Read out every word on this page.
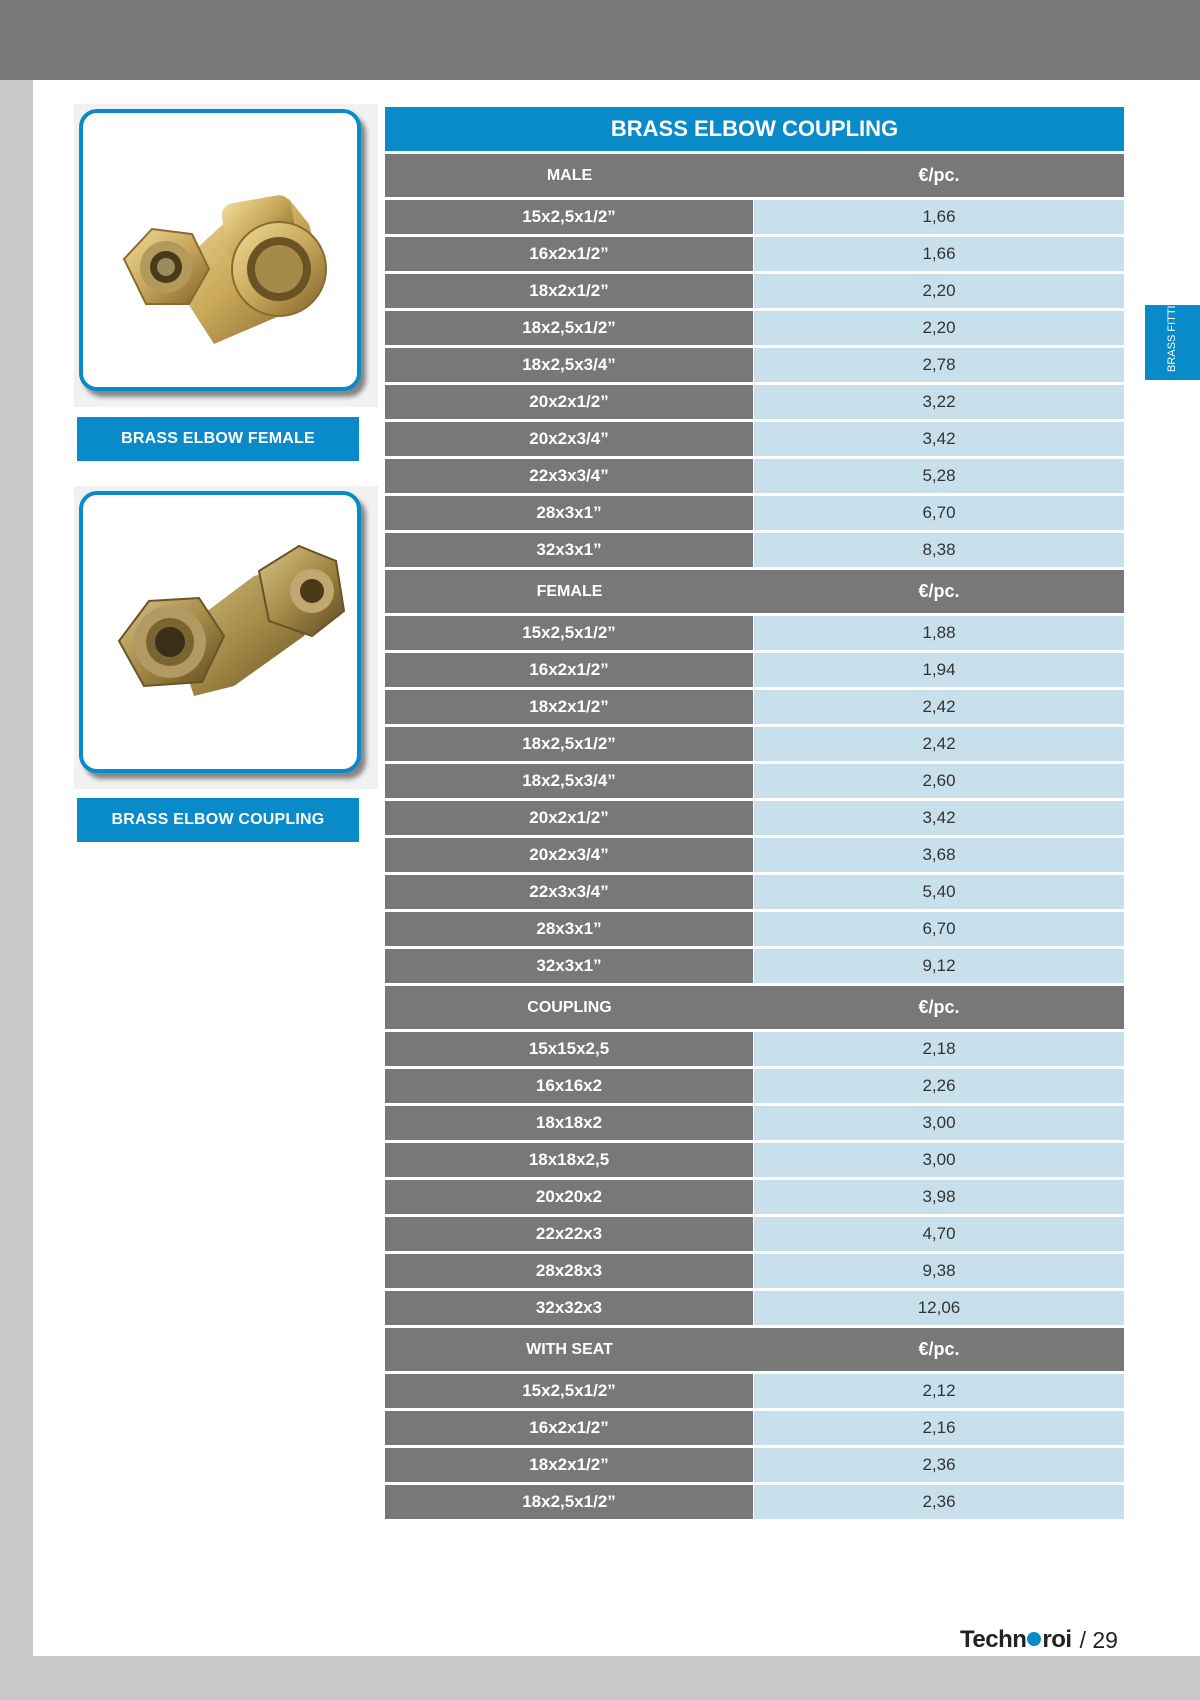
BRASS FITTINGS
BRASS ELBOW FEMALE
BRASS ELBOW COUPLING
BRASS ELBOW COUPLING
MALE	€/pc.
15x2,5x1/2”	1,66
16x2x1/2”	1,66
18x2x1/2”	2,20
18x2,5x1/2”	2,20
18x2,5x3/4”	2,78
20x2x1/2”	3,22
20x2x3/4”	3,42
22x3x3/4”	5,28
28x3x1”	6,70
32x3x1”	8,38
FEMALE	€/pc.
15x2,5x1/2”	1,88
16x2x1/2”	1,94
18x2x1/2”	2,42
18x2,5x1/2”	2,42
18x2,5x3/4”	2,60
20x2x1/2”	3,42
20x2x3/4”	3,68
22x3x3/4”	5,40
28x3x1”	6,70
32x3x1”	9,12
COUPLING	€/pc.
15x15x2,5	2,18
16x16x2	2,26
18x18x2	3,00
18x18x2,5	3,00
20x20x2	3,98
22x22x3	4,70
28x28x3	9,38
32x32x3	12,06
WITH SEAT	€/pc.
15x2,5x1/2”	2,12
16x2x1/2”	2,16
18x2x1/2”	2,36
18x2,5x1/2”	2,36
Techn roi / 29
